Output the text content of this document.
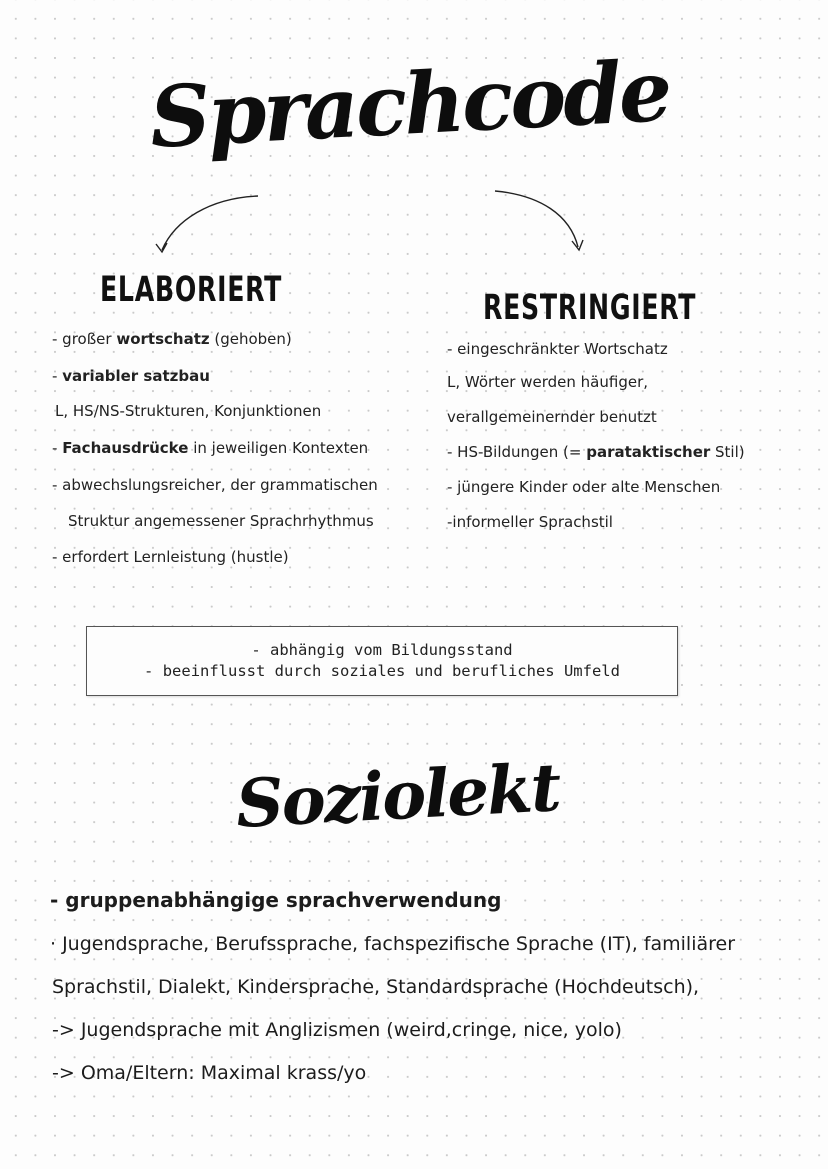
Sprachcode
ELABORIERT	RESTRINGIERT
- großer wortschatz (gehoben)
- variabler satzbau
L, HS/NS-Strukturen, Konjunktionen
- Fachausdrücke in jeweiligen Kontexten
- abwechslungsreicher, der grammatischen
Struktur angemessener Sprachrhythmus
- erfordert Lernleistung (hustle)
- eingeschränkter Wortschatz
L, Wörter werden häufiger,
verallgemeinernder benutzt
- HS-Bildungen (= parataktischer Stil)
- jüngere Kinder oder alte Menschen
-informeller Sprachstil
- abhängig vom Bildungsstand
- beeinflusst durch soziales und berufliches Umfeld
Soziolekt
- gruppenabhängige sprachverwendung
· Jugendsprache, Berufssprache, fachspezifische Sprache (IT), familiärer
Sprachstil, Dialekt, Kindersprache, Standardsprache (Hochdeutsch),
-> Jugendsprache mit Anglizismen (weird,cringe, nice, yolo)
-> Oma/Eltern: Maximal krass/yo
